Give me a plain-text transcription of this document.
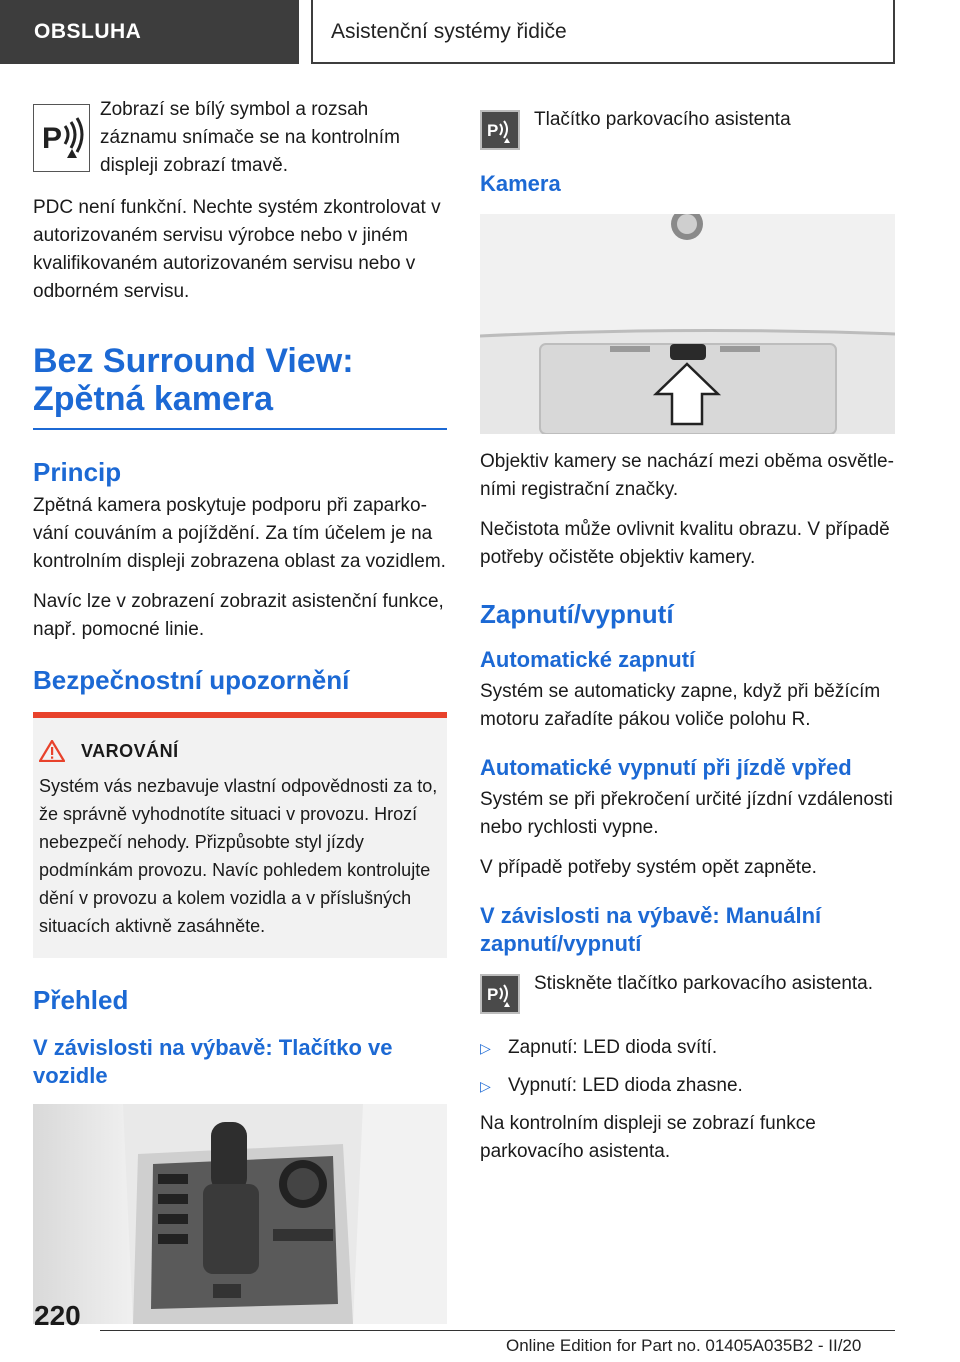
OBSLUHA	Asistenční systémy řidiče
P

Zobrazí se bílý symbol a rozsah záznamu snímače se na kontrolním displeji zobrazí tmavě.

PDC není funkční. Nechte systém zkontrolovat v autorizovaném servisu výrobce nebo v jiném kvalifikovaném autorizovaném servisu nebo v odborném servisu.

Bez Surround View: Zpětná kamera
Princip

Zpětná kamera poskytuje podporu při zaparkování couváním a pojíždění. Za tím účelem je na kontrolním displeji zobrazena oblast za vozidlem.

Navíc lze v zobrazení zobrazit asistenční funkce, např. pomocné linie.

Bezpečnostní upozornění
VAROVÁNÍ

Systém vás nezbavuje vlastní odpovědnosti za to, že správně vyhodnotíte situaci v provozu. Hrozí nebezpečí nehody. Přizpůsobte styl jízdy podmínkám provozu. Navíc pohledem kontrolujte dění v provozu a kolem vozidla a v příslušných situacích aktivně zasáhněte.

Přehled
V závislosti na výbavě: Tlačítko ve vozidle
P

Tlačítko parkovacího asistenta

Kamera

Objektiv kamery se nachází mezi oběma osvětleními registrační značky.

Nečistota může ovlivnit kvalitu obrazu. V případě potřeby očistěte objektiv kamery.

Zapnutí/vypnutí
Automatické zapnutí

Systém se automaticky zapne, když při běžícím motoru zařadíte pákou voliče polohu R.

Automatické vypnutí při jízdě vpřed

Systém se při překročení určité jízdní vzdálenosti nebo rychlosti vypne.

V případě potřeby systém opět zapněte.

V závislosti na výbavě: Manuální zapnutí/vypnutí
P

Stiskněte tlačítko parkovacího asistenta.

▷ Zapnutí: LED dioda svítí.

▷ Vypnutí: LED dioda zhasne.

Na kontrolním displeji se zobrazí funkce parkovacího asistenta.

220
Online Edition for Part no. 01405A035B2 - II/20
